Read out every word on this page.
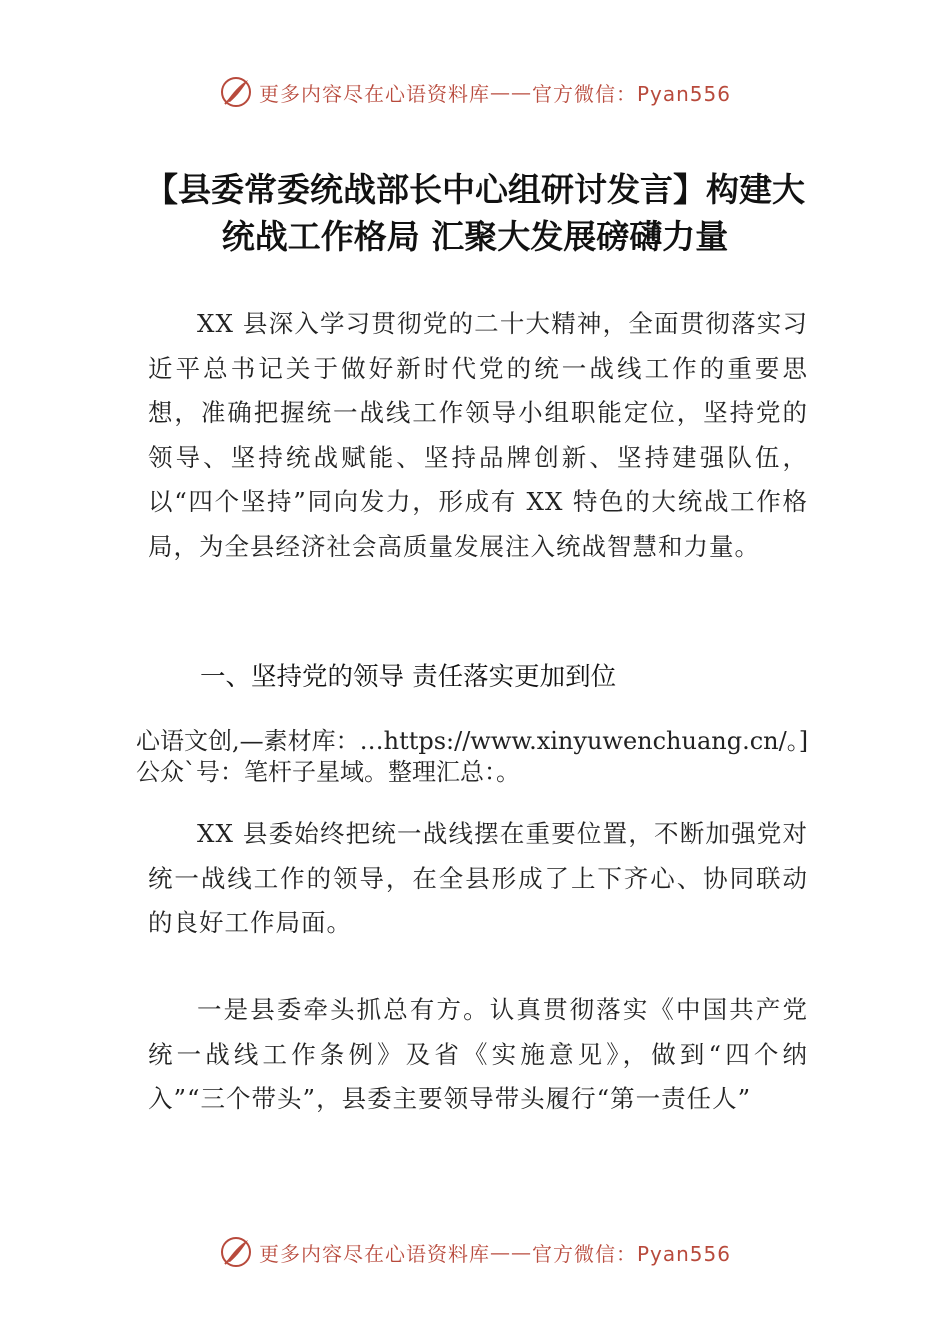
更多内容尽在心语资料库 —— 官方微信：Pyan556
【县委常委统战部长中心组研讨发言】构建大统战工作格局 汇聚大发展磅礴力量

XX 县深入学习贯彻党的二十大精神，全面贯彻落实习近平总书记关于做好新时代党的统一战线工作的重要思想，准确把握统一战线工作领导小组职能定位，坚持党的领导、坚持统战赋能、坚持品牌创新、坚持建强队伍，以“四个坚持”同向发力，形成有 XX 特色的大统战工作格局，为全县经济社会高质量发展注入统战智慧和力量。

一、坚持党的领导 责任落实更加到位
心语文创,—素材库：…https://www.xinyuwenchuang.cn/。]公众`号：笔杆子星域。整理汇总：。

XX 县委始终把统一战线摆在重要位置，不断加强党对统一战线工作的领导，在全县形成了上下齐心、协同联动的良好工作局面。

一是县委牵头抓总有方。认真贯彻落实《中国共产党统一战线工作条例》及省《实施意见》，做到“四个纳入”“三个带头”，县委主要领导带头履行“第一责任人”

更多内容尽在心语资料库 —— 官方微信：Pyan556
